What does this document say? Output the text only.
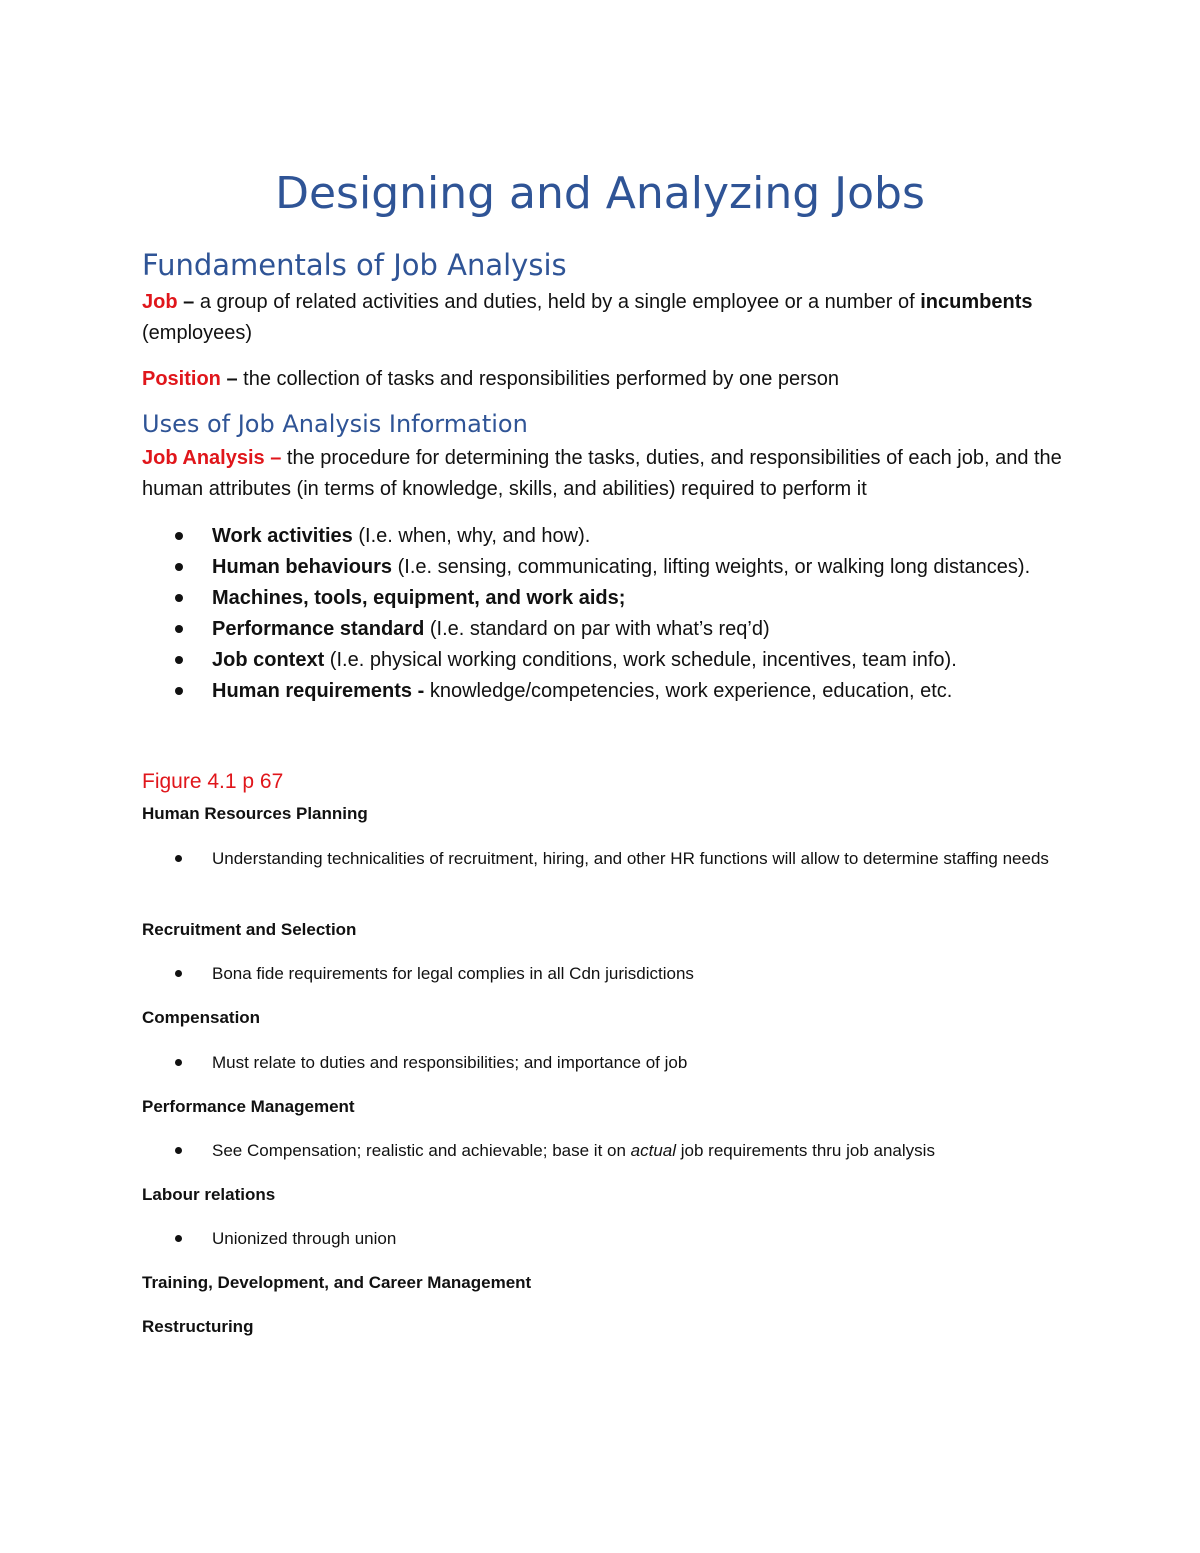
Designing and Analyzing Jobs
Fundamentals of Job Analysis

Job – a group of related activities and duties, held by a single employee or a number of incumbents (employees)

Position – the collection of tasks and responsibilities performed by one person

Uses of Job Analysis Information

Job Analysis – the procedure for determining the tasks, duties, and responsibilities of each job, and the human attributes (in terms of knowledge, skills, and abilities) required to perform it

Work activities (I.e. when, why, and how).
Human behaviours (I.e. sensing, communicating, lifting weights, or walking long distances).
Machines, tools, equipment, and work aids;
Performance standard (I.e. standard on par with what’s req’d)
Job context (I.e. physical working conditions, work schedule, incentives, team info).
Human requirements - knowledge/competencies, work experience, education, etc.

Figure 4.1 p 67

Human Resources Planning

Understanding technicalities of recruitment, hiring, and other HR functions will allow to determine staffing needs

Recruitment and Selection

Bona fide requirements for legal complies in all Cdn jurisdictions

Compensation

Must relate to duties and responsibilities; and importance of job

Performance Management

See Compensation; realistic and achievable; base it on actual job requirements thru job analysis

Labour relations

Unionized through union

Training, Development, and Career Management

Restructuring
